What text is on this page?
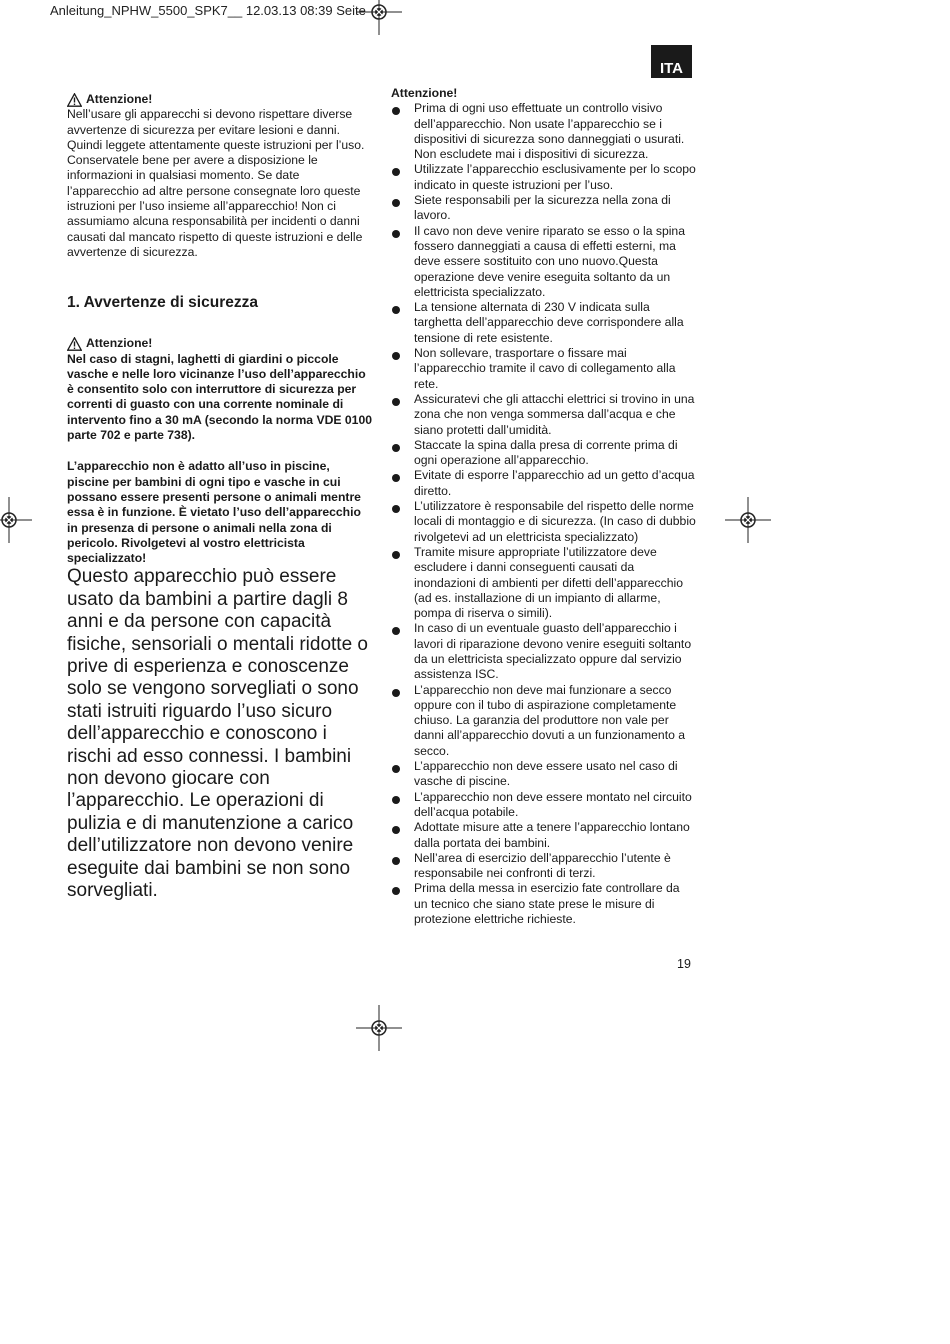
Anleitung_NPHW_5500_SPK7__ 12.03.13 08:39 Seite
ITA
Attenzione!

Nell’usare gli apparecchi si devono rispettare diverse avvertenze di sicurezza per evitare lesioni e danni. Quindi leggete attentamente queste istruzioni per l’uso. Conservatele bene per avere a disposizione le informazioni in qualsiasi momento. Se date l’apparecchio ad altre persone consegnate loro queste istruzioni per l’uso insieme all’apparecchio! Non ci assumiamo alcuna responsabilità per incidenti o danni causati dal mancato rispetto di queste istruzioni e delle avvertenze di sicurezza.

1. Avvertenze di sicurezza
Attenzione!

Nel caso di stagni, laghetti di giardini o piccole vasche e nelle loro vicinanze l’uso dell’apparecchio è consentito solo con interruttore di sicurezza per correnti di guasto con una corrente nominale di intervento fino a 30 mA (secondo la norma VDE 0100 parte 702 e parte 738).

L’apparecchio non è adatto all’uso in piscine, piscine per bambini di ogni tipo e vasche in cui possano essere presenti persone o animali mentre essa è in funzione. È vietato l’uso dell’apparecchio in presenza di persone o animali nella zona di pericolo. Rivolgetevi al vostro elettricista specializzato!

Questo apparecchio può essere usato da bambini a partire dagli 8 anni e da persone con capacità fisiche, sensoriali o mentali ridotte o prive di esperienza e conoscenze solo se vengono sorvegliati o sono stati istruiti riguardo l’uso sicuro dell’apparecchio e conoscono i rischi ad esso connessi. I bambini non devono giocare con l’apparecchio. Le operazioni di pulizia e di manutenzione a carico dell’utilizzatore non devono venire eseguite dai bambini se non sono sorvegliati.

Attenzione!
Prima di ogni uso effettuate un controllo visivo dell’apparecchio. Non usate l’apparecchio se i dispositivi di sicurezza sono danneggiati o usurati. Non escludete mai i dispositivi di sicurezza.
Utilizzate l’apparecchio esclusivamente per lo scopo indicato in queste istruzioni per l’uso.
Siete responsabili per la sicurezza nella zona di lavoro.
Il cavo non deve venire riparato se esso o la spina fossero danneggiati a causa di effetti esterni, ma deve essere sostituito con uno nuovo.Questa operazione deve venire eseguita soltanto da un elettricista specializzato.
La tensione alternata di 230 V indicata sulla targhetta dell’apparecchio deve corrispondere alla tensione di rete esistente.
Non sollevare, trasportare o fissare mai l’apparecchio tramite il cavo di collegamento alla rete.
Assicuratevi che gli attacchi elettrici si trovino in una zona che non venga sommersa dall’acqua e che siano protetti dall’umidità.
Staccate la spina dalla presa di corrente prima di ogni operazione all’apparecchio.
Evitate di esporre l’apparecchio ad un getto d’acqua diretto.
L’utilizzatore è responsabile del rispetto delle norme locali di montaggio e di sicurezza. (In caso di dubbio rivolgetevi ad un elettricista specializzato)
Tramite misure appropriate l’utilizzatore deve escludere i danni conseguenti causati da inondazioni di ambienti per difetti dell’apparecchio (ad es. installazione di un impianto di allarme, pompa di riserva o simili).
In caso di un eventuale guasto dell’apparecchio i lavori di riparazione devono venire eseguiti soltanto da un elettricista specializzato oppure dal servizio assistenza ISC.
L’apparecchio non deve mai funzionare a secco oppure con il tubo di aspirazione completamente chiuso. La garanzia del produttore non vale per danni all’apparecchio dovuti a un funzionamento a secco.
L’apparecchio non deve essere usato nel caso di vasche di piscine.
L’apparecchio non deve essere montato nel circuito dell’acqua potabile.
Adottate misure atte a tenere l’apparecchio lontano dalla portata dei bambini.
Nell’area di esercizio dell’apparecchio l’utente è responsabile nei confronti di terzi.
Prima della messa in esercizio fate controllare da un tecnico che siano state prese le misure di protezione elettriche richieste.
19
